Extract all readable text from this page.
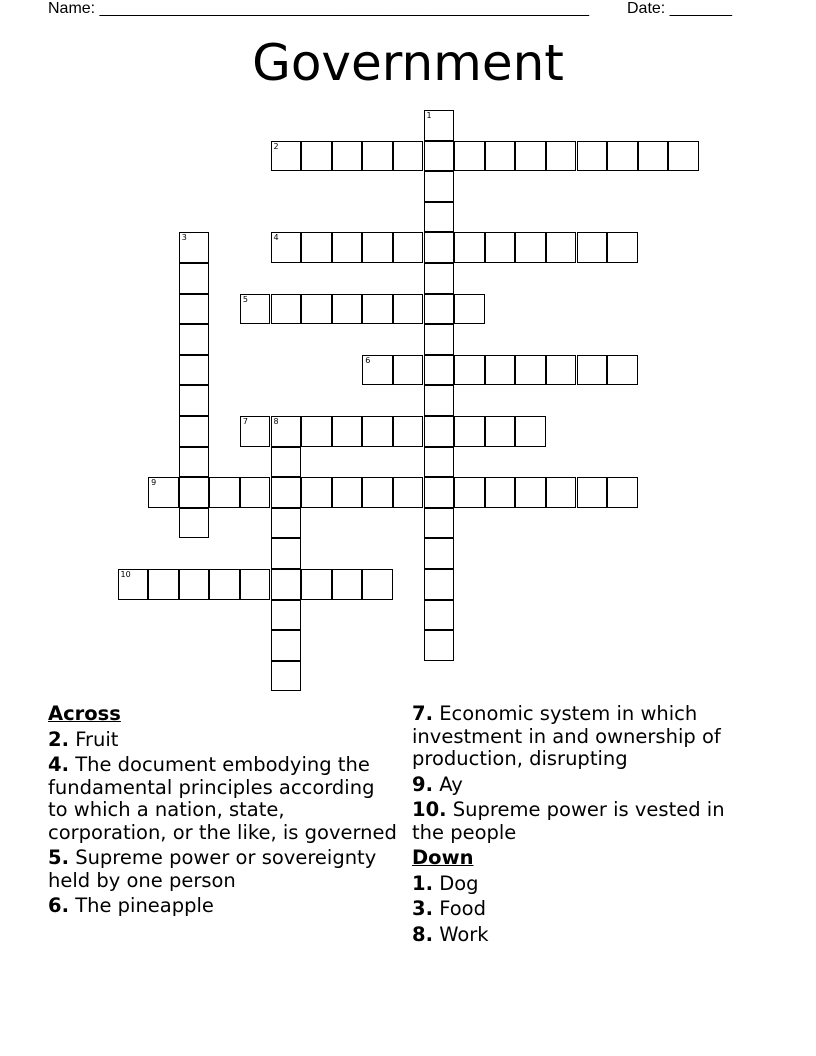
Name: _______________________________________________________ Date: _______
Government
1
2
3	4
5
6
7	8
9
10
Across
2. Fruit
4. The document embodying the fundamental principles according to which a nation, state, corporation, or the like, is governed
5. Supreme power or sovereignty held by one person
6. The pineapple
7. Economic system in which investment in and ownership of production, disrupting
9. Ay
10. Supreme power is vested in the people
Down
1. Dog
3. Food
8. Work
